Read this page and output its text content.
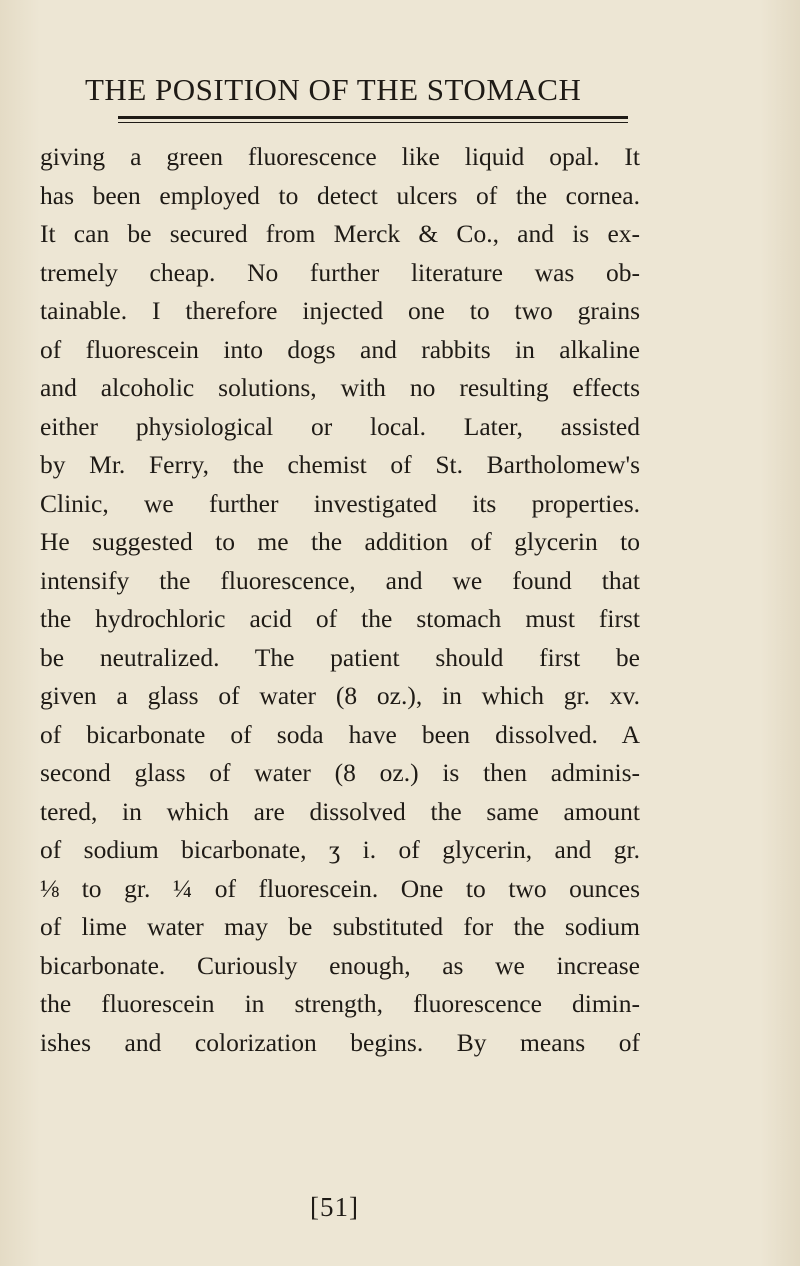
THE POSITION OF THE STOMACH
giving a green fluorescence like liquid opal. It
has been employed to detect ulcers of the cornea.
It can be secured from Merck & Co., and is ex-
tremely cheap. No further literature was ob-
tainable. I therefore injected one to two grains
of fluorescein into dogs and rabbits in alkaline
and alcoholic solutions, with no resulting effects
either physiological or local. Later, assisted
by Mr. Ferry, the chemist of St. Bartholomew's
Clinic, we further investigated its properties.
He suggested to me the addition of glycerin to
intensify the fluorescence, and we found that
the hydrochloric acid of the stomach must first
be neutralized. The patient should first be
given a glass of water (8 oz.), in which gr. xv.
of bicarbonate of soda have been dissolved. A
second glass of water (8 oz.) is then adminis-
tered, in which are dissolved the same amount
of sodium bicarbonate, ʒ i. of glycerin, and gr.
⅛ to gr. ¼ of fluorescein. One to two ounces
of lime water may be substituted for the sodium
bicarbonate. Curiously enough, as we increase
the fluorescein in strength, fluorescence dimin-
ishes and colorization begins. By means of
[51]
